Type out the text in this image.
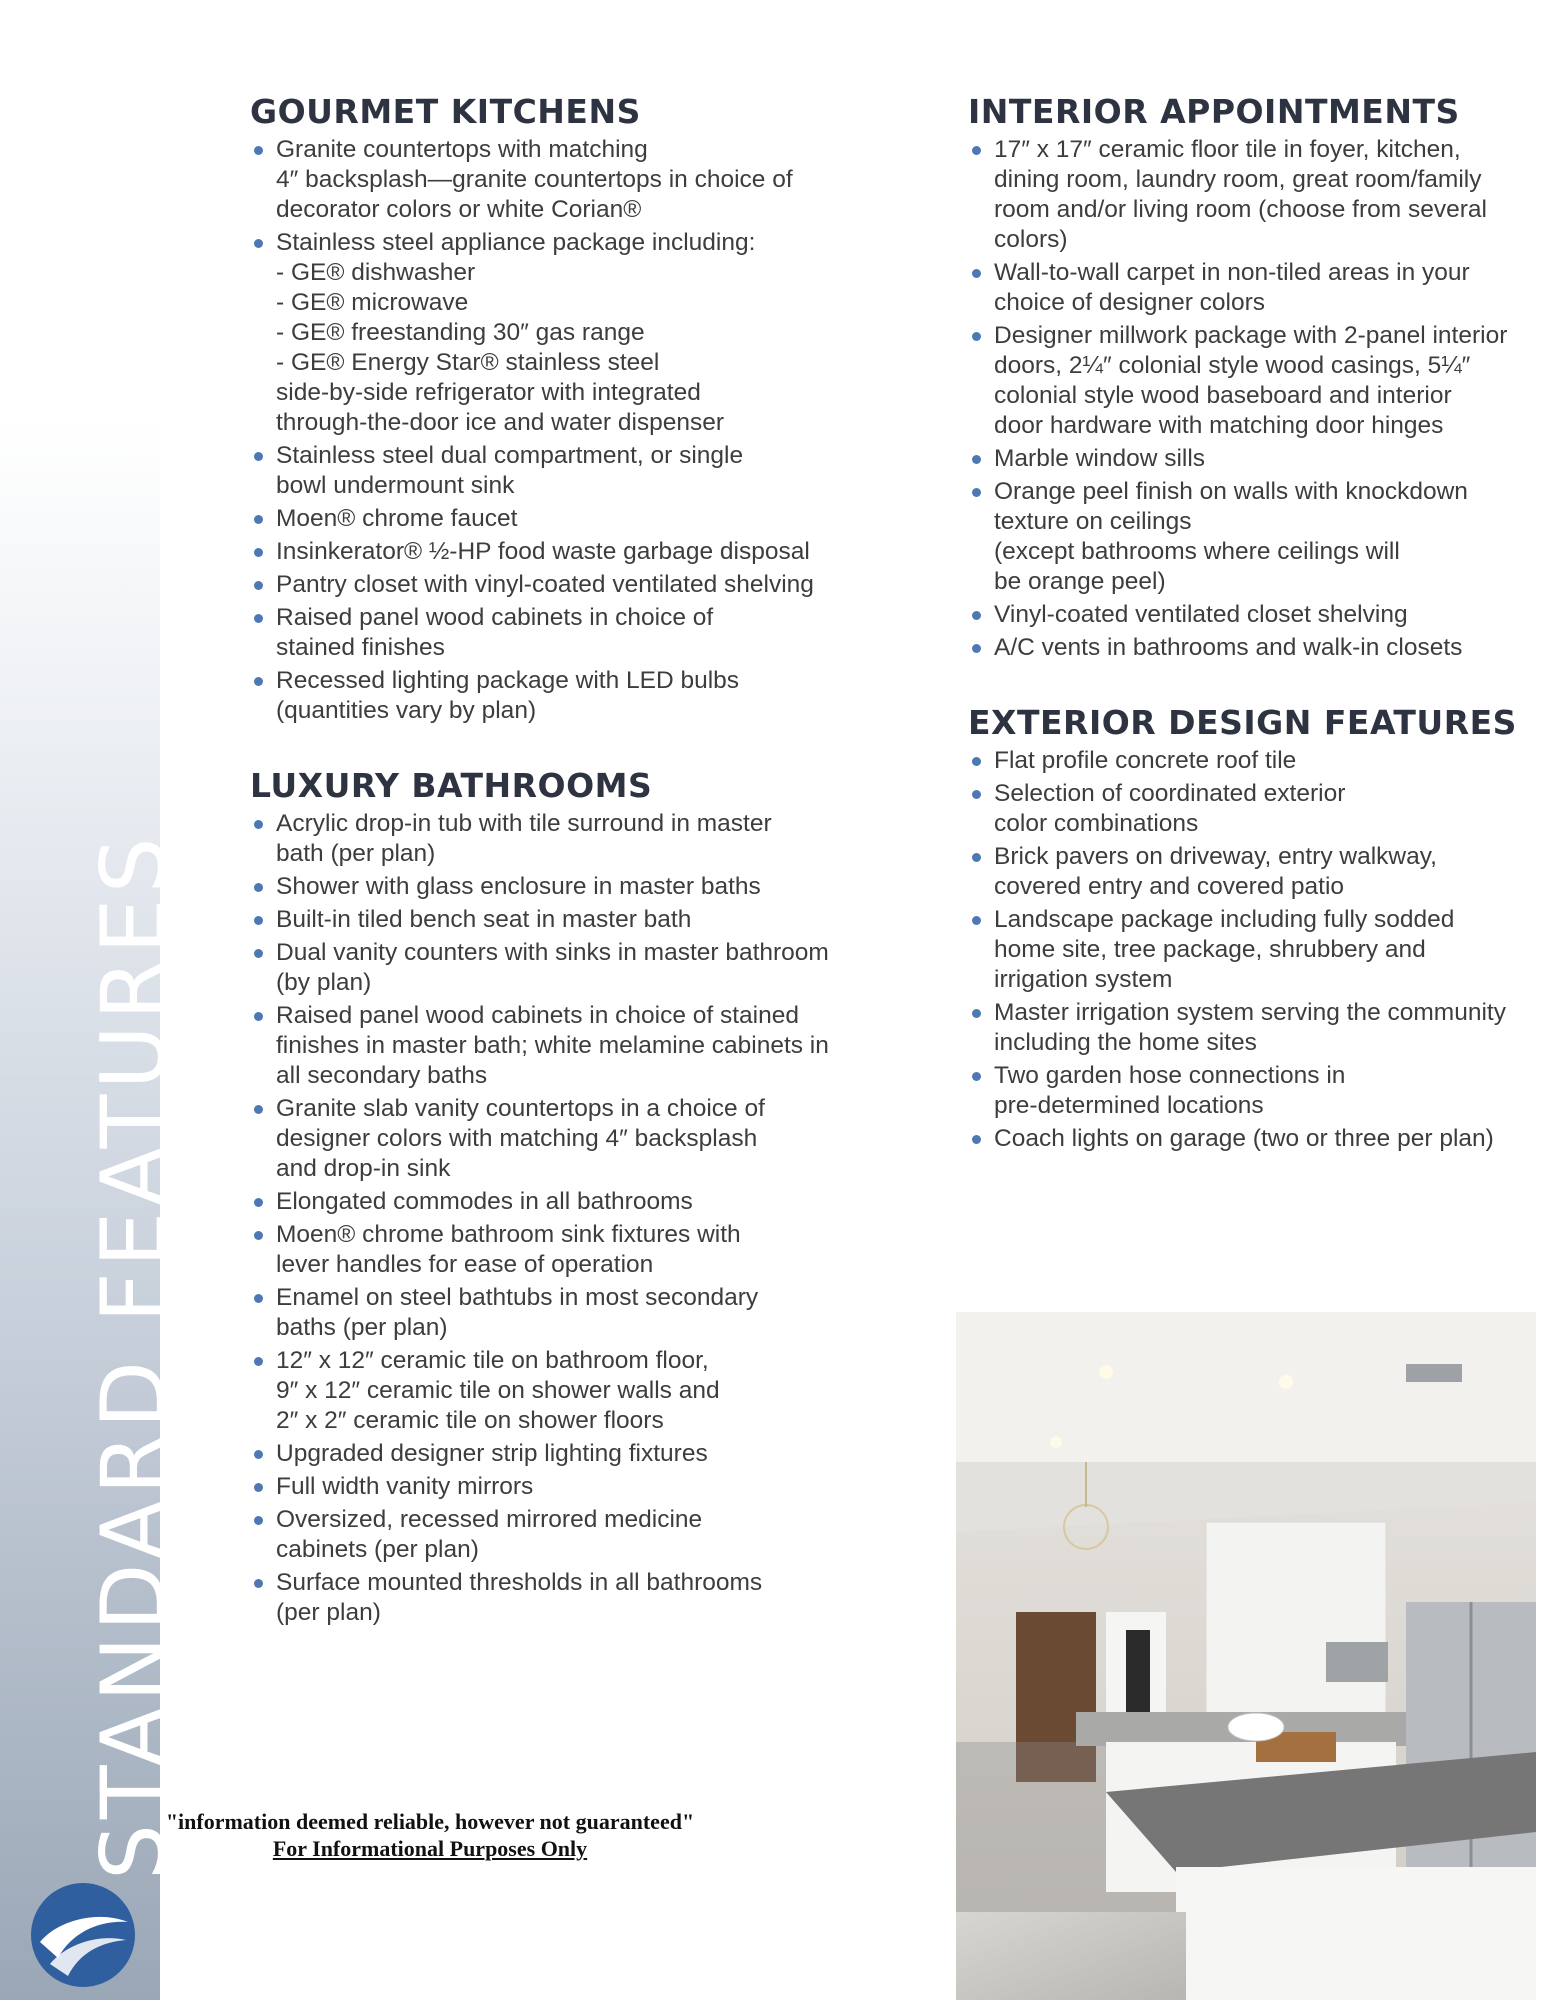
STANDARD FEATURES
GOURMET KITCHENS
Granite countertops with matching
4″ backsplash—granite countertops in choice of
decorator colors or white Corian®
Stainless steel appliance package including:
- GE® dishwasher
- GE® microwave
- GE® freestanding 30″ gas range
- GE® Energy Star® stainless steel
side-by-side refrigerator with integrated
through-the-door ice and water dispenser
Stainless steel dual compartment, or single
bowl undermount sink
Moen® chrome faucet
Insinkerator® ½-HP food waste garbage disposal
Pantry closet with vinyl-coated ventilated shelving
Raised panel wood cabinets in choice of
stained finishes
Recessed lighting package with LED bulbs
(quantities vary by plan)
LUXURY BATHROOMS
Acrylic drop-in tub with tile surround in master
bath (per plan)
Shower with glass enclosure in master baths
Built-in tiled bench seat in master bath
Dual vanity counters with sinks in master bathroom
(by plan)
Raised panel wood cabinets in choice of stained
finishes in master bath; white melamine cabinets in
all secondary baths
Granite slab vanity countertops in a choice of
designer colors with matching 4″ backsplash
and drop-in sink
Elongated commodes in all bathrooms
Moen® chrome bathroom sink fixtures with
lever handles for ease of operation
Enamel on steel bathtubs in most secondary
baths (per plan)
12″ x 12″ ceramic tile on bathroom floor,
9″ x 12″ ceramic tile on shower walls and
2″ x 2″ ceramic tile on shower floors
Upgraded designer strip lighting fixtures
Full width vanity mirrors
Oversized, recessed mirrored medicine
cabinets (per plan)
Surface mounted thresholds in all bathrooms
(per plan)
INTERIOR APPOINTMENTS
17″ x 17″ ceramic floor tile in foyer, kitchen,
dining room, laundry room, great room/family
room and/or living room (choose from several
colors)
Wall-to-wall carpet in non-tiled areas in your
choice of designer colors
Designer millwork package with 2-panel interior
doors, 2¼″ colonial style wood casings, 5¼″
colonial style wood baseboard and interior
door hardware with matching door hinges
Marble window sills
Orange peel finish on walls with knockdown
texture on ceilings
(except bathrooms where ceilings will
be orange peel)
Vinyl-coated ventilated closet shelving
A/C vents in bathrooms and walk-in closets
EXTERIOR DESIGN FEATURES
Flat profile concrete roof tile
Selection of coordinated exterior
color combinations
Brick pavers on driveway, entry walkway,
covered entry and covered patio
Landscape package including fully sodded
home site, tree package, shrubbery and
irrigation system
Master irrigation system serving the community
including the home sites
Two garden hose connections in
pre-determined locations
Coach lights on garage (two or three per plan)
"information deemed reliable, however not guaranteed"

For Informational Purposes Only
